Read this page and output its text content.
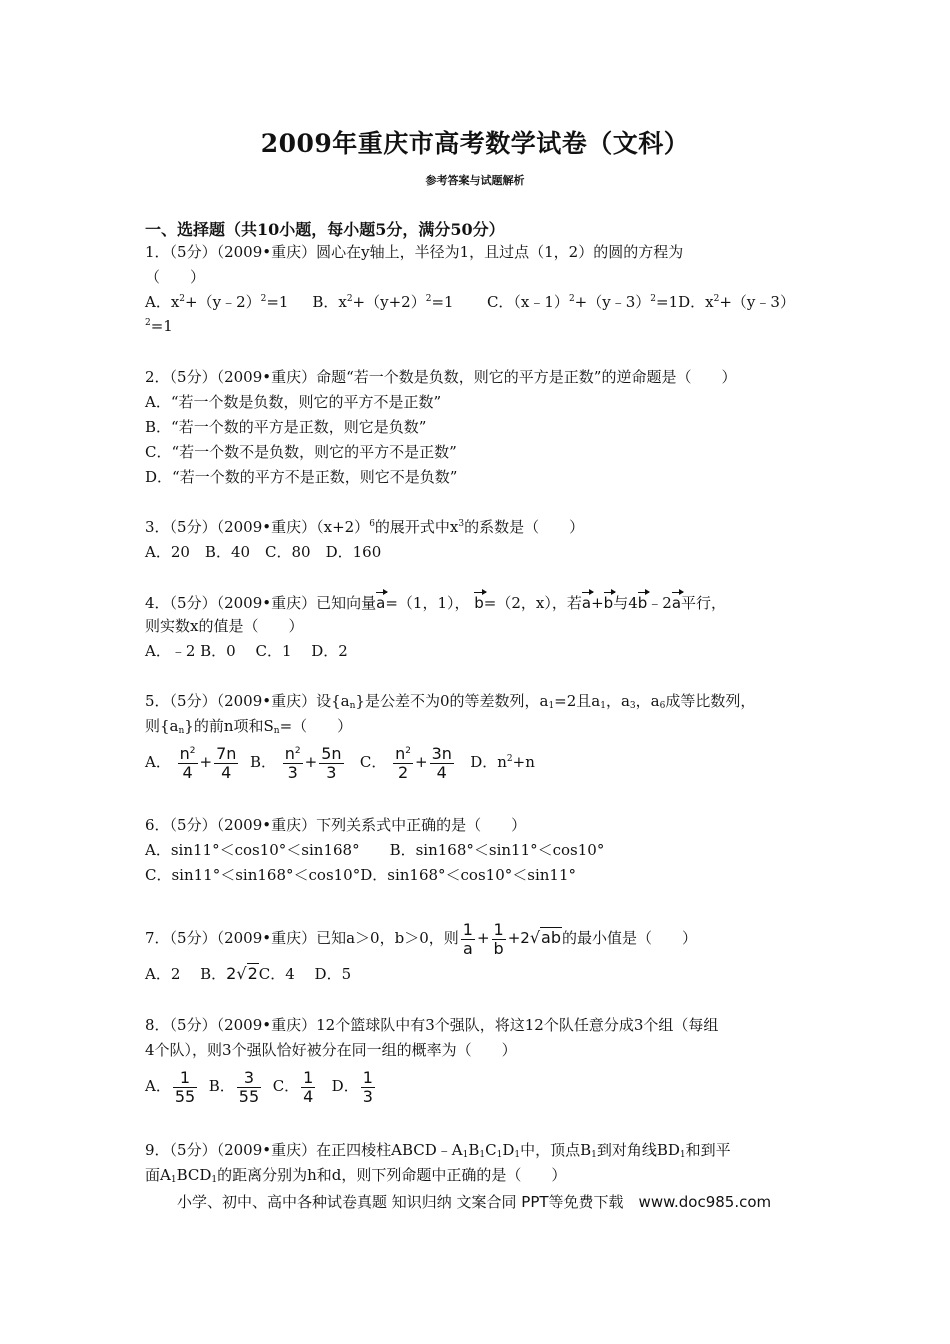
2009年重庆市高考数学试卷（文科）
参考答案与试题解析
一、选择题（共10小题，每小题5分，满分50分）
1．（5分）（2009•重庆）圆心在y轴上，半径为1，且过点（1，2）的圆的方程为
（　　）
A．$x^2+(y﹣2)^2=1$ B．$x^2+(y+2)^2=1$ C．（x﹣1）$^2$+（y﹣3）$^2$=1D．$x^2+(y﹣3)$
$^2$=1
2．（5分）（2009•重庆）命题“若一个数是负数，则它的平方是正数”的逆命题是（　　）
A．“若一个数是负数，则它的平方不是正数”
B．“若一个数的平方是正数，则它是负数”
C．“若一个数不是负数，则它的平方不是正数”
D．“若一个数的平方不是正数，则它不是负数”
3．（5分）（2009•重庆）$(x+2)^6$的展开式中$x^3$的系数是（　　）
A．20　B．40　C．80　D．160
4．（5分）（2009•重庆）已知向量a=（1，1）， b=（2，x），若a+b与4b﹣2a平行，
则实数x的值是（　　）
A．﹣2 B．0　 C．1　 D．2
5．（5分）（2009•重庆）设$\{a_n\}$是公差不为0的等差数列，$a_1=2$且$a_1$，$a_3$，$a_6$成等比数列，
则$\{a_n\}$的前n项和$S_n=$（　　）
A． $\frac{n^2}{4} + \frac{7n}{4}$ B． $\frac{n^2}{3} + \frac{5n}{3}$ C． $\frac{n^2}{2} + \frac{3n}{4}$ D．$n^2+n$
6．（5分）（2009•重庆）下列关系式中正确的是（　　）
A．sin11°＜cos10°＜sin168°　　B．sin168°＜sin11°＜cos10°
C．sin11°＜sin168°＜cos10°D．sin168°＜cos10°＜sin11°
7．（5分）（2009•重庆）已知a＞0，b＞0，则 $\frac{1}{a} + \frac{1}{b} +2√ab$的最小值是（　　）
A．2　 B．2√2C．4　 D．5
8．（5分）（2009•重庆）12个篮球队中有3个强队，将这12个队任意分成3个组（每组
4个队），则3个强队恰好被分在同一组的概率为（　　）
A． $\frac{1}{55}$ B． $\frac{3}{55}$ C． $\frac{1}{4}$ D． $\frac{1}{3}$
9．（5分）（2009•重庆）在正四棱柱$ABCD﹣A_1B_1C_1D_1$中，顶点$B_1$到对角线$BD_1$和到平
面$A_1BCD_1$的距离分别为h和d，则下列命题中正确的是（　　）
小学、初中、高中各种试卷真题 知识归纳 文案合同 PPT等免费下载　www.doc985.com
